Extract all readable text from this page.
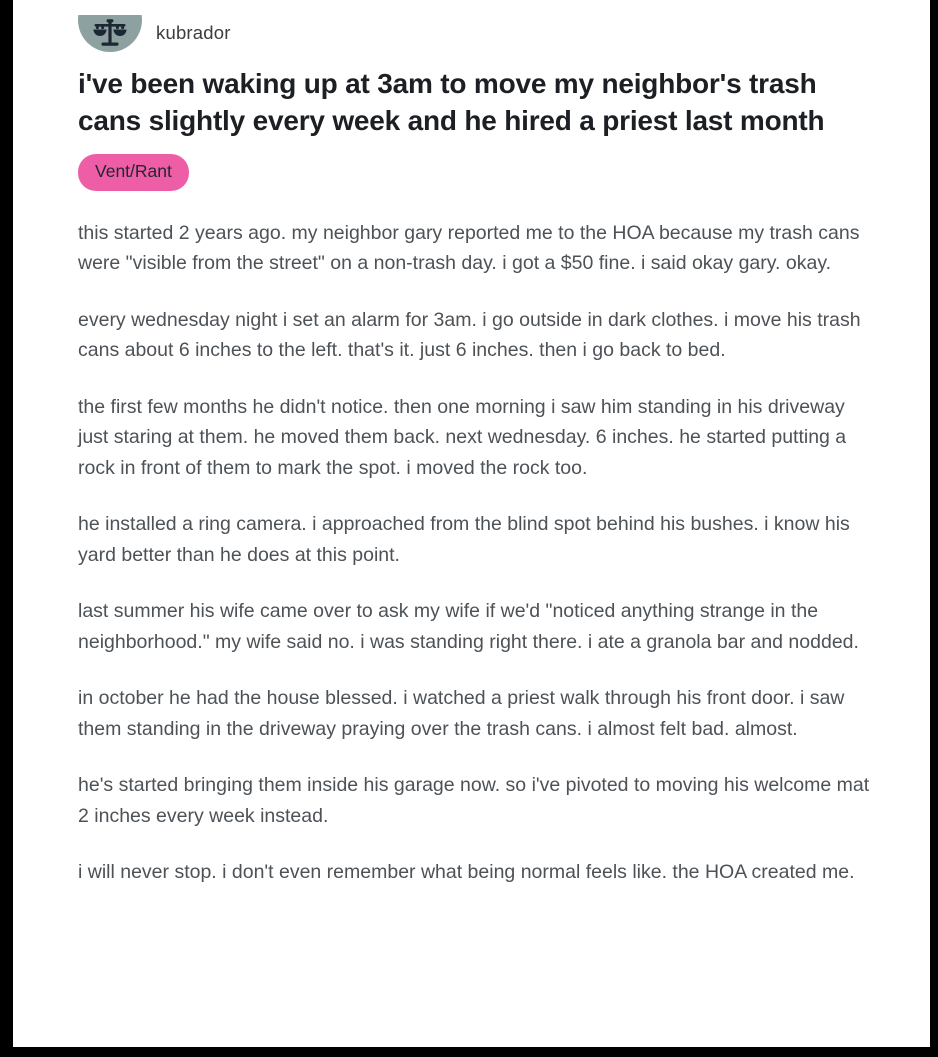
kubrador
i've been waking up at 3am to move my neighbor's trash cans slightly every week and he hired a priest last month
Vent/Rant

this started 2 years ago. my neighbor gary reported me to the HOA because my trash cans were "visible from the street" on a non-trash day. i got a $50 fine. i said okay gary. okay.

every wednesday night i set an alarm for 3am. i go outside in dark clothes. i move his trash cans about 6 inches to the left. that's it. just 6 inches. then i go back to bed.

the first few months he didn't notice. then one morning i saw him standing in his driveway just staring at them. he moved them back. next wednesday. 6 inches. he started putting a rock in front of them to mark the spot. i moved the rock too.

he installed a ring camera. i approached from the blind spot behind his bushes. i know his yard better than he does at this point.

last summer his wife came over to ask my wife if we'd "noticed anything strange in the neighborhood." my wife said no. i was standing right there. i ate a granola bar and nodded.

in october he had the house blessed. i watched a priest walk through his front door. i saw them standing in the driveway praying over the trash cans. i almost felt bad. almost.

he's started bringing them inside his garage now. so i've pivoted to moving his welcome mat 2 inches every week instead.

i will never stop. i don't even remember what being normal feels like. the HOA created me.
